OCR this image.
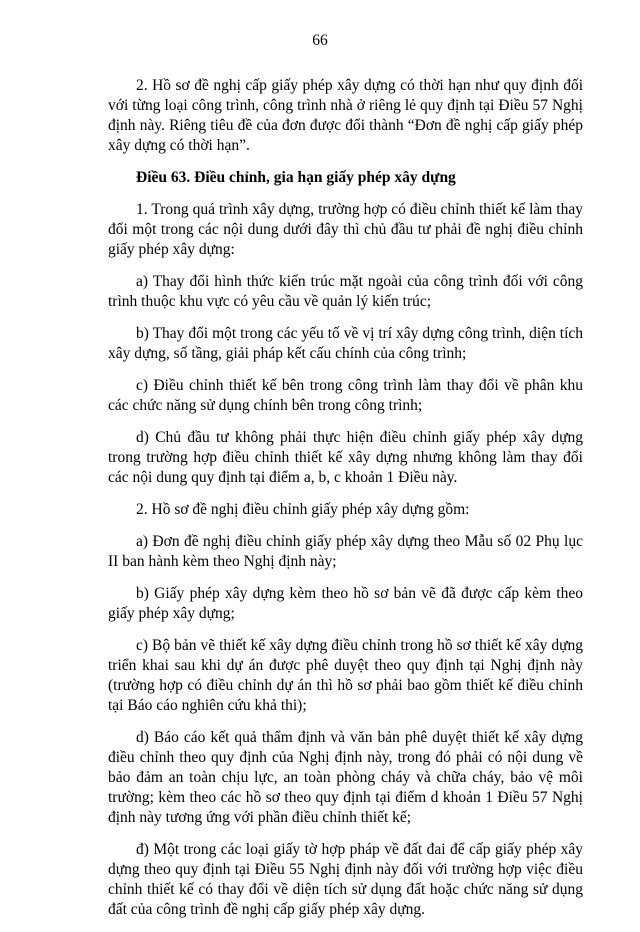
66

2. Hồ sơ đề nghị cấp giấy phép xây dựng có thời hạn như quy định đối với từng loại công trình, công trình nhà ở riêng lẻ quy định tại Điều 57 Nghị định này. Riêng tiêu đề của đơn được đổi thành “Đơn đề nghị cấp giấy phép xây dựng có thời hạn”.

Điều 63. Điều chỉnh, gia hạn giấy phép xây dựng

1. Trong quá trình xây dựng, trường hợp có điều chỉnh thiết kế làm thay đổi một trong các nội dung dưới đây thì chủ đầu tư phải đề nghị điều chỉnh giấy phép xây dựng:

a) Thay đổi hình thức kiến trúc mặt ngoài của công trình đối với công trình thuộc khu vực có yêu cầu về quản lý kiến trúc;

b) Thay đổi một trong các yếu tố về vị trí xây dựng công trình, diện tích xây dựng, số tầng, giải pháp kết cấu chính của công trình;

c) Điều chỉnh thiết kế bên trong công trình làm thay đổi về phân khu các chức năng sử dụng chính bên trong công trình;

d) Chủ đầu tư không phải thực hiện điều chỉnh giấy phép xây dựng trong trường hợp điều chỉnh thiết kế xây dựng nhưng không làm thay đổi các nội dung quy định tại điểm a, b, c khoản 1 Điều này.

2. Hồ sơ đề nghị điều chỉnh giấy phép xây dựng gồm:

a) Đơn đề nghị điều chỉnh giấy phép xây dựng theo Mẫu số 02 Phụ lục II ban hành kèm theo Nghị định này;

b) Giấy phép xây dựng kèm theo hồ sơ bản vẽ đã được cấp kèm theo giấy phép xây dựng;

c) Bộ bản vẽ thiết kế xây dựng điều chỉnh trong hồ sơ thiết kế xây dựng triển khai sau khi dự án được phê duyệt theo quy định tại Nghị định này (trường hợp có điều chỉnh dự án thì hồ sơ phải bao gồm thiết kế điều chỉnh tại Báo cáo nghiên cứu khả thi);

d) Báo cáo kết quả thẩm định và văn bản phê duyệt thiết kế xây dựng điều chỉnh theo quy định của Nghị định này, trong đó phải có nội dung về bảo đảm an toàn chịu lực, an toàn phòng cháy và chữa cháy, bảo vệ môi trường; kèm theo các hồ sơ theo quy định tại điểm d khoản 1 Điều 57 Nghị định này tương ứng với phần điều chỉnh thiết kế;

đ) Một trong các loại giấy tờ hợp pháp về đất đai để cấp giấy phép xây dựng theo quy định tại Điều 55 Nghị định này đối với trường hợp việc điều chỉnh thiết kế có thay đổi về diện tích sử dụng đất hoặc chức năng sử dụng đất của công trình đề nghị cấp giấy phép xây dựng.
